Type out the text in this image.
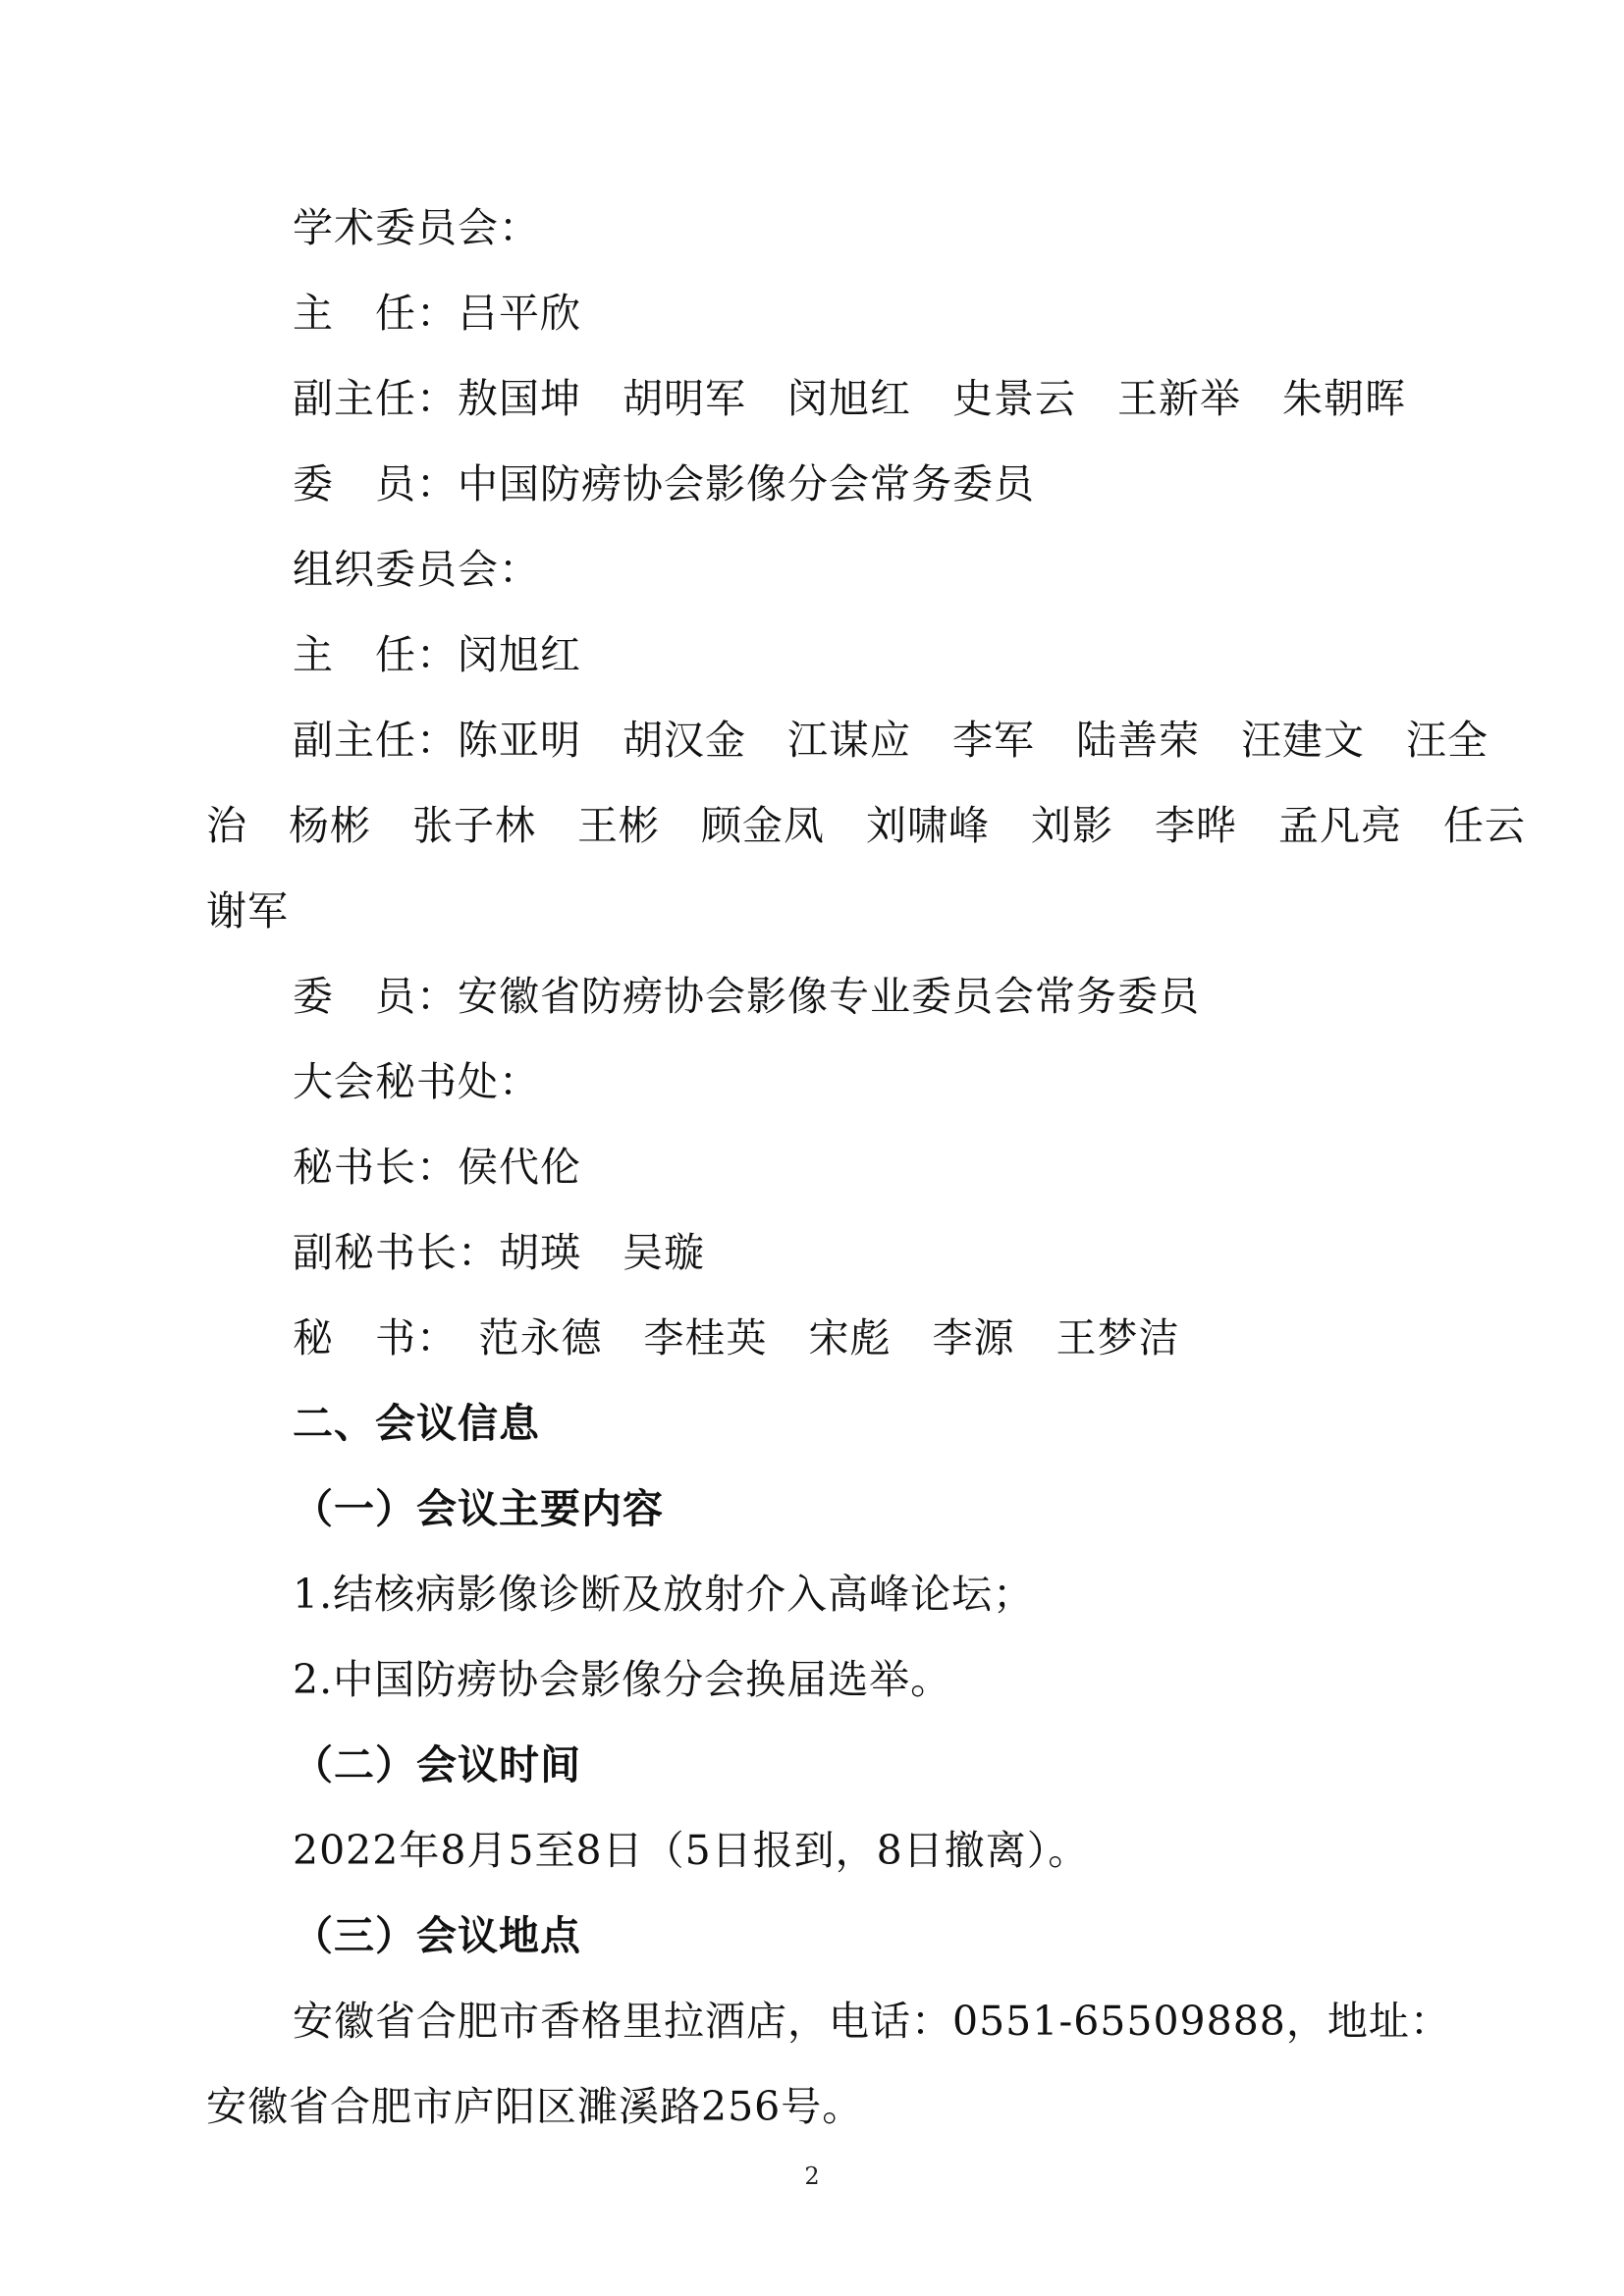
学术委员会：
主　任：吕平欣
副主任：敖国坤　胡明军　闵旭红　史景云　王新举　朱朝晖
委　员：中国防痨协会影像分会常务委员
组织委员会：
主　任：闵旭红
副主任：陈亚明　胡汉金　江谋应　李军　陆善荣　汪建文　汪全
治　杨彬　张子林　王彬　顾金凤　刘啸峰　刘影　李晔　孟凡亮　任云
谢军
委　员：安徽省防痨协会影像专业委员会常务委员
大会秘书处：
秘书长：侯代伦
副秘书长：胡瑛　吴璇
秘　书：　范永德　李桂英　宋彪　李源　王梦洁
二、会议信息
（一）会议主要内容
1.结核病影像诊断及放射介入高峰论坛；
2.中国防痨协会影像分会换届选举。
（二）会议时间
2022年8月5至8日（5日报到，8日撤离）。
（三）会议地点
安徽省合肥市香格里拉酒店，电话：0551-65509888，地址：
安徽省合肥市庐阳区濉溪路256号。
2
